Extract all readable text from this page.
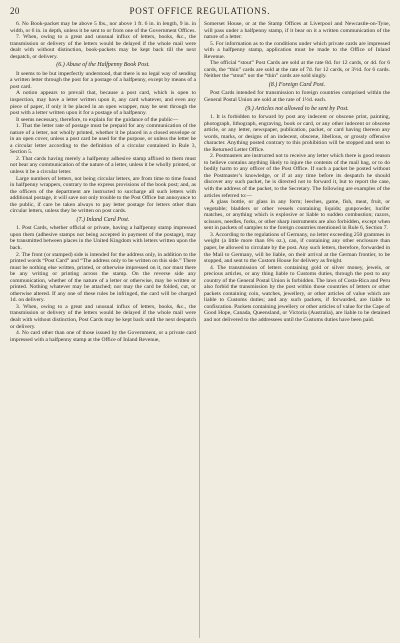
20	POST OFFICE REGULATIONS.

6. No Book-packet may be above 5 lbs., nor above 1 ft. 6 in. in length, 9 in. in width, or 6 in. in depth, unless it be sent to or from one of the Government Offices.

7. When, owing to a great and unusual influx of letters, books, &c., the transmission or delivery of the letters would be delayed if the whole mail were dealt with without distinction, book-packets may be kept back till the next despatch, or delivery.

(6.) Abuse of the Halfpenny Book Post.

It seems to be but imperfectly understood, that there is no legal way of sending a written letter through the post for a postage of a halfpenny, except by means of a post card.

A notion appears to prevail that, because a post card, which is open to inspection, may have a letter written upon it, any card whatever, and even any piece of paper, if only it be placed in an open wrapper, may be sent through the post with a letter written upon it for a postage of a halfpenny.

It seems necessary, therefore, to explain for the guidance of the public—

1. That the letter rate of postage must be prepaid for any communication of the nature of a letter, not wholly printed, whether it be placed in a closed envelope or in an open cover, unless a post card be used for the purpose, or unless the letter be a circular letter according to the definition of a circular contained in Rule 3, Section 5.

2. That cards having merely a halfpenny adhesive stamp affixed to them must not bear any communication of the nature of a letter, unless it be wholly printed, or unless it be a circular letter.

Large numbers of letters, not being circular letters, are from time to time found in halfpenny wrappers, contrary to the express provisions of the book post; and, as the officers of the department are instructed to surcharge all such letters with additional postage, it will save not only trouble to the Post Office but annoyance to the public, if care be taken always to pay letter postage for letters other than circular letters, unless they be written on post cards.

(7.) Inland Card Post.

1. Post Cards, whether official or private, having a halfpenny stamp impressed upon them (adhesive stamps not being accepted in payment of the postage), may be transmitted between places in the United Kingdom with letters written upon the back.

2. The front (or stamped) side is intended for the address only, in addition to the printed words “Post Card” and “The address only to be written on this side.” There must be nothing else written, printed, or otherwise impressed on it, nor must there be any writing or printing across the stamp. On the reverse side any communication, whether of the nature of a letter or otherwise, may be written or printed. Nothing whatever may be attached; nor may the card be folded, cut, or otherwise altered. If any one of these rules be infringed, the card will be charged 1d. on delivery.

3. When, owing to a great and unusual influx of letters, books, &c., the transmission or delivery of the letters would be delayed if the whole mail were dealt with without distinction, Post Cards may be kept back until the next despatch or delivery.

4. No card other than one of those issued by the Government, or a private card impressed with a halfpenny stamp at the Office of Inland Revenue,

Somerset House, or at the Stamp Offices at Liverpool and Newcastle-on-Tyne, will pass under a halfpenny stamp, if it bear on it a written communication of the nature of a letter.

5. For information as to the conditions under which private cards are impressed with a halfpenny stamp, application must be made to the Office of Inland Revenue.

The official “stout” Post Cards are sold at the rate 8d. for 12 cards, or 4d. for 6 cards, the “thin” cards are sold at the rate of 7d. for 12 cards, or 3½d. for 6 cards. Neither the “stout” nor the “thin” cards are sold singly.

(8.) Foreign Card Post.

Post Cards intended for transmission to foreign countries comprised within the General Postal Union are sold at the rate of 1½d. each.

(9.) Articles not allowed to be sent by Post.

1. It is forbidden to forward by post any indecent or obscene print, painting, photograph, lithograph, engraving, book or card, or any other indecent or obscene article, or any letter, newspaper, publication, packet, or card having thereon any words, marks, or designs of an indecent, obscene, libellous, or grossly offensive character. Anything posted contrary to this prohibition will be stopped and sent to the Returned Letter Office.

2. Postmasters are instructed not to receive any letter which there is good reason to believe contains anything likely to injure the contents of the mail bag, or to do bodily harm to any officer of the Post Office. If such a packet be posted without the Postmaster’s knowledge, or if at any time before its despatch he should discover any such packet, he is directed not to forward it, but to report the case, with the address of the packet, to the Secretary. The following are examples of the articles referred to:—

A glass bottle, or glass in any form; leeches, game, fish, meat, fruit, or vegetable; bladders or other vessels containing liquids; gunpowder, lucifer matches, or anything which is explosive or liable to sudden combustion; razors, scissors, needles, forks, or other sharp instruments are also forbidden, except when sent in packets of samples to the foreign countries mentioned in Rule 6, Section 7.

3. According to the regulations of Germany, no letter exceeding 250 grammes in weight (a little more than 8¾ oz.), can, if containing any other enclosure than paper, be allowed to circulate by the post. Any such letters, therefore, forwarded in the Mail to Germany, will be liable, on their arrival at the German frontier, to be stopped, and sent to the Custom House for delivery as freight.

4. The transmission of letters containing gold or silver money, jewels, or precious articles, or any thing liable to Customs duties, through the post to any country of the General Postal Union is forbidden. The laws of Costa-Rica and Peru also forbid the transmission by the post within those countries of letters or other packets containing coin, watches, jewellery, or other articles of value which are liable to Customs duties; and any such packets, if forwarded, are liable to confiscation. Packets containing jewellery or other articles of value for the Cape of Good Hope, Canada, Queensland, or Victoria (Australia), are liable to be detained and not delivered to the addressees until the Customs duties have been paid.
